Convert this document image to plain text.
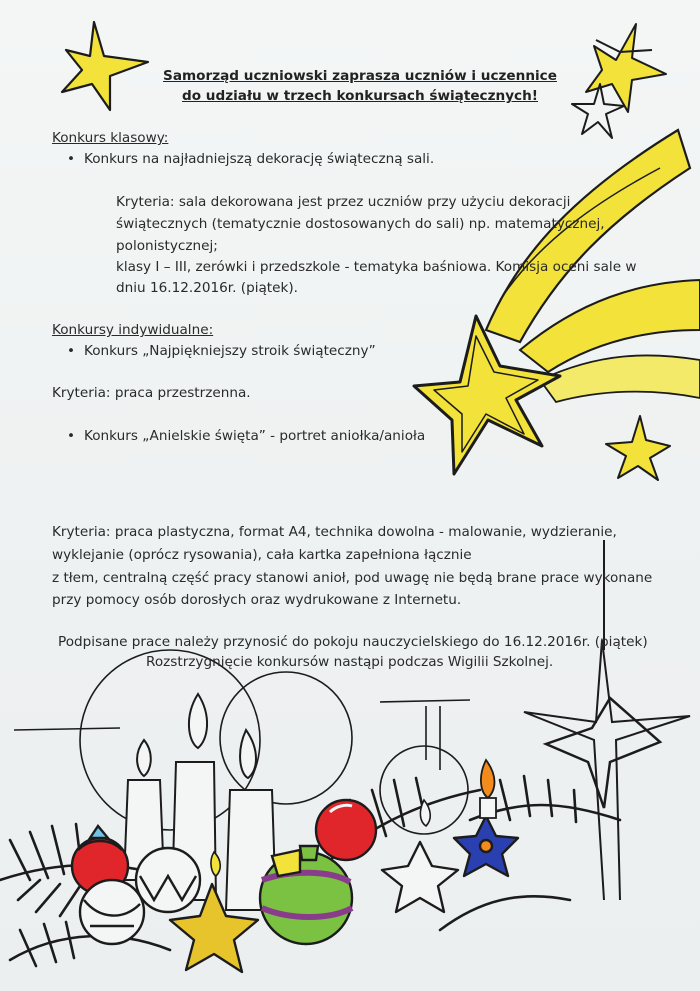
Samorząd uczniowski zaprasza uczniów i uczennice
do udziału w trzech konkursach świątecznych!
Konkurs klasowy:
• Konkurs na najładniejszą dekorację świąteczną sali.
Kryteria: sala dekorowana jest przez uczniów przy użyciu dekoracji
świątecznych (tematycznie dostosowanych do sali) np. matematycznej,
polonistycznej;
klasy I – III, zerówki i przedszkole - tematyka baśniowa. Komisja oceni sale w
dniu 16.12.2016r. (piątek).
Konkursy indywidualne:
• Konkurs „Najpiękniejszy stroik świąteczny”
Kryteria: praca przestrzenna.
• Konkurs „Anielskie święta” - portret aniołka/anioła
Kryteria: praca plastyczna, format A4, technika dowolna - malowanie, wydzieranie,
wyklejanie (oprócz rysowania), cała kartka zapełniona łącznie
z tłem, centralną część pracy stanowi anioł, pod uwagę nie będą brane prace wykonane
przy pomocy osób dorosłych oraz wydrukowane z Internetu.
Podpisane prace należy przynosić do pokoju nauczycielskiego do 16.12.2016r. (piątek)
Rozstrzygnięcie konkursów nastąpi podczas Wigilii Szkolnej.
